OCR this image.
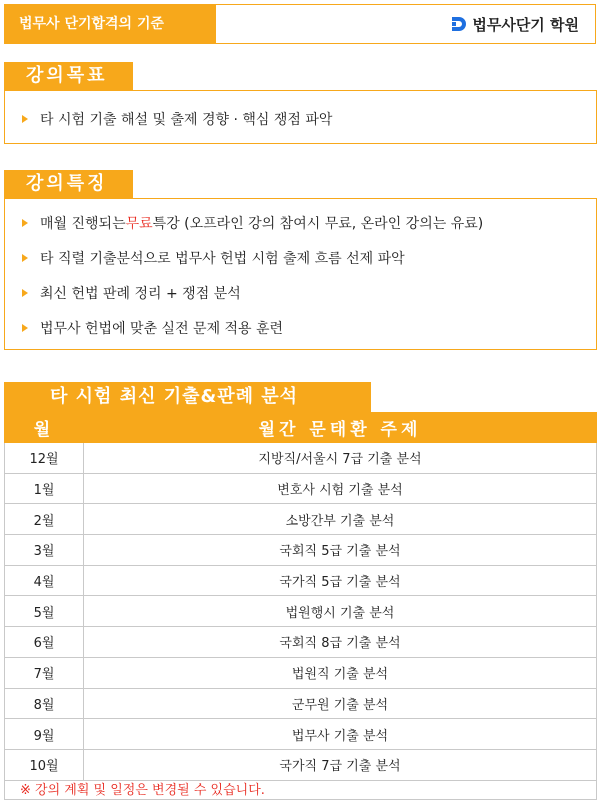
법무사 단기합격의 기준	법무사단기 학원
강의목표
타 시험 기출 해설 및 출제 경향 · 핵심 쟁점 파악
강의특징
매월 진행되는 무료 특강 (오프라인 강의 참여시 무료, 온라인 강의는 유료)
타 직렬 기출분석으로 법무사 헌법 시험 출제 흐름 선제 파악
최신 헌법 판례 정리 + 쟁점 분석
법무사 헌법에 맞춘 실전 문제 적용 훈련
타 시험 최신 기출&판례 분석
월	월간 문태환 주제
12월	지방직/서울시 7급 기출 분석
1월	변호사 시험 기출 분석
2월	소방간부 기출 분석
3월	국회직 5급 기출 분석
4월	국가직 5급 기출 분석
5월	법원행시 기출 분석
6월	국회직 8급 기출 분석
7월	법원직 기출 분석
8월	군무원 기출 분석
9월	법무사 기출 분석
10월	국가직 7급 기출 분석
※ 강의 계획 및 일정은 변경될 수 있습니다.
